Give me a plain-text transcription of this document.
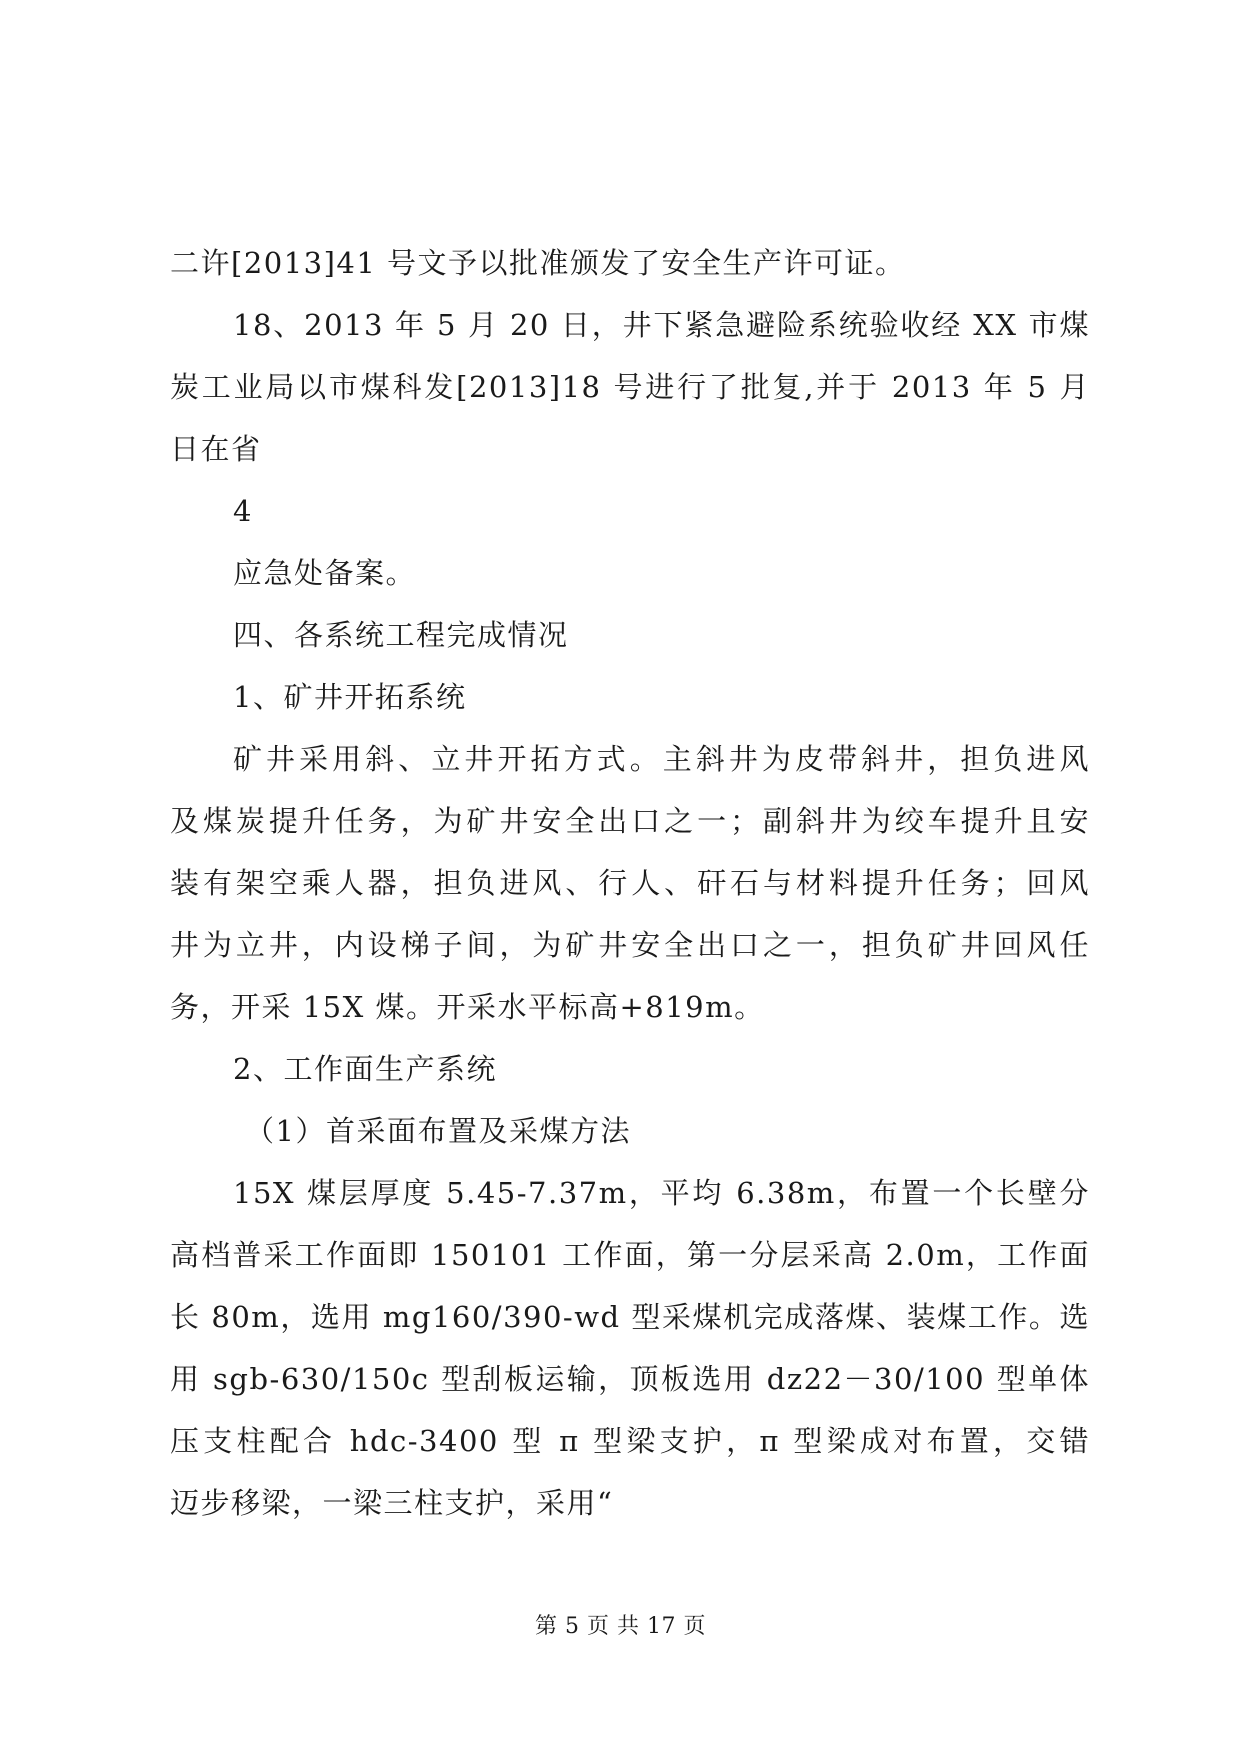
二许[2013]41 号文予以批准颁发了安全生产许可证。
18、2013 年 5 月 20 日，井下紧急避险系统验收经 XX 市煤
炭工业局以市煤科发[2013]18 号进行了批复,并于 2013 年 5 月
日在省
4
应急处备案。
四、各系统工程完成情况
1、矿井开拓系统
矿井采用斜、立井开拓方式。主斜井为皮带斜井，担负进风
及煤炭提升任务，为矿井安全出口之一；副斜井为绞车提升且安
装有架空乘人器，担负进风、行人、矸石与材料提升任务；回风
井为立井，内设梯子间，为矿井安全出口之一，担负矿井回风任
务，开采 15X 煤。开采水平标高+819m。
2、工作面生产系统
（1）首采面布置及采煤方法
15X 煤层厚度 5.45-7.37m，平均 6.38m，布置一个长壁分
高档普采工作面即 150101 工作面，第一分层采高 2.0m，工作面
长 80m，选用 mg160/390-wd 型采煤机完成落煤、装煤工作。选
用 sgb-630/150c 型刮板运输，顶板选用 dz22－30/100 型单体
压支柱配合 hdc-3400 型 π 型梁支护，π 型梁成对布置，交错
迈步移梁，一梁三柱支护，采用“
第 5 页 共 17 页
